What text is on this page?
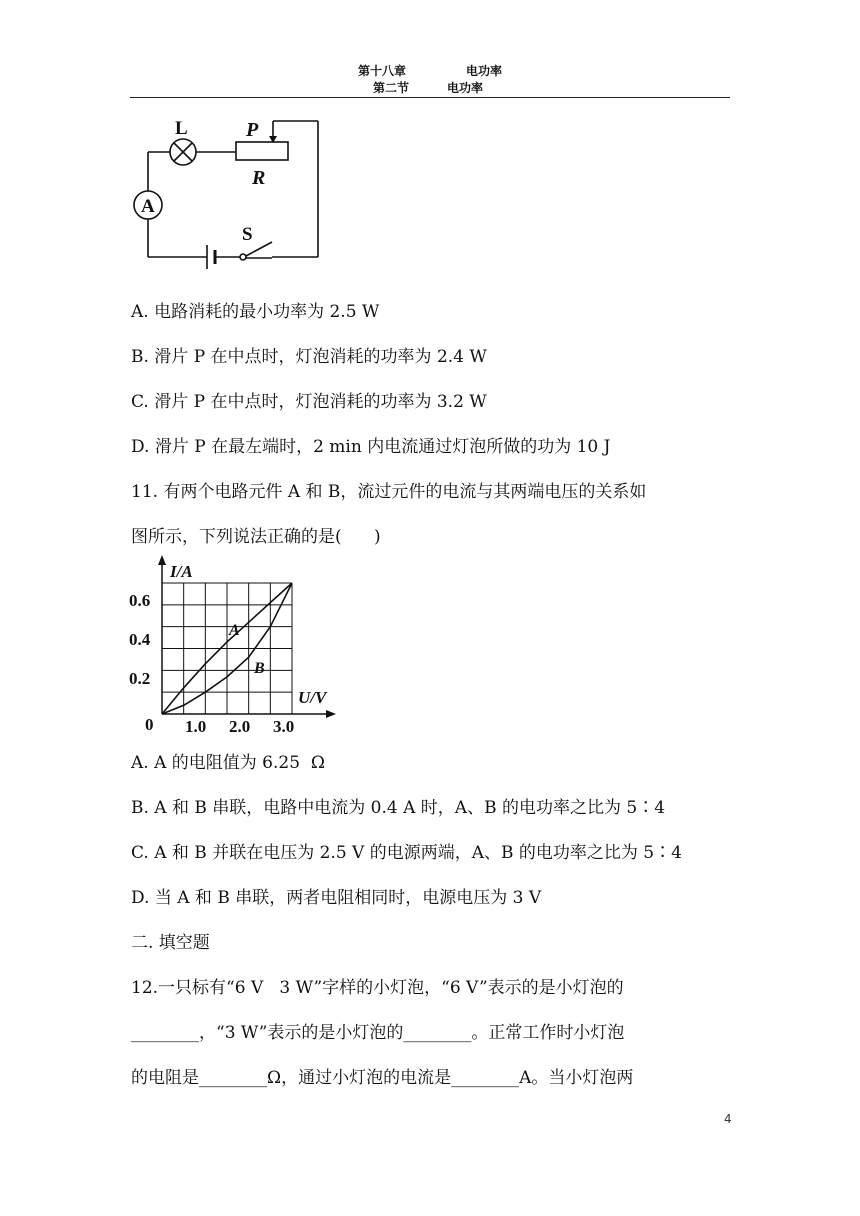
第十八章	电功率
第二节	电功率
L	P
R
A
S
A. 电路消耗的最小功率为 2.5 W
B. 滑片 P 在中点时，灯泡消耗的功率为 2.4 W
C. 滑片 P 在中点时，灯泡消耗的功率为 3.2 W
D. 滑片 P 在最左端时，2 min 内电流通过灯泡所做的功为 10 J
11. 有两个电路元件 A 和 B，流过元件的电流与其两端电压的关系如
图所示，下列说法正确的是(      )
I/A
U/V
0
0.6
0.4
0.2
1.0 2.0 3.0
A
B
A. A 的电阻值为 6.25  Ω
B. A 和 B 串联，电路中电流为 0.4 A 时，A、B 的电功率之比为 5∶4
C. A 和 B 并联在电压为 2.5 V 的电源两端，A、B 的电功率之比为 5∶4
D. 当 A 和 B 串联，两者电阻相同时，电源电压为 3 V
二. 填空题
12.一只标有“6 V   3 W”字样的小灯泡，“6 V”表示的是小灯泡的
________，“3 W”表示的是小灯泡的________。正常工作时小灯泡
的电阻是________Ω，通过小灯泡的电流是________A。当小灯泡两
4
